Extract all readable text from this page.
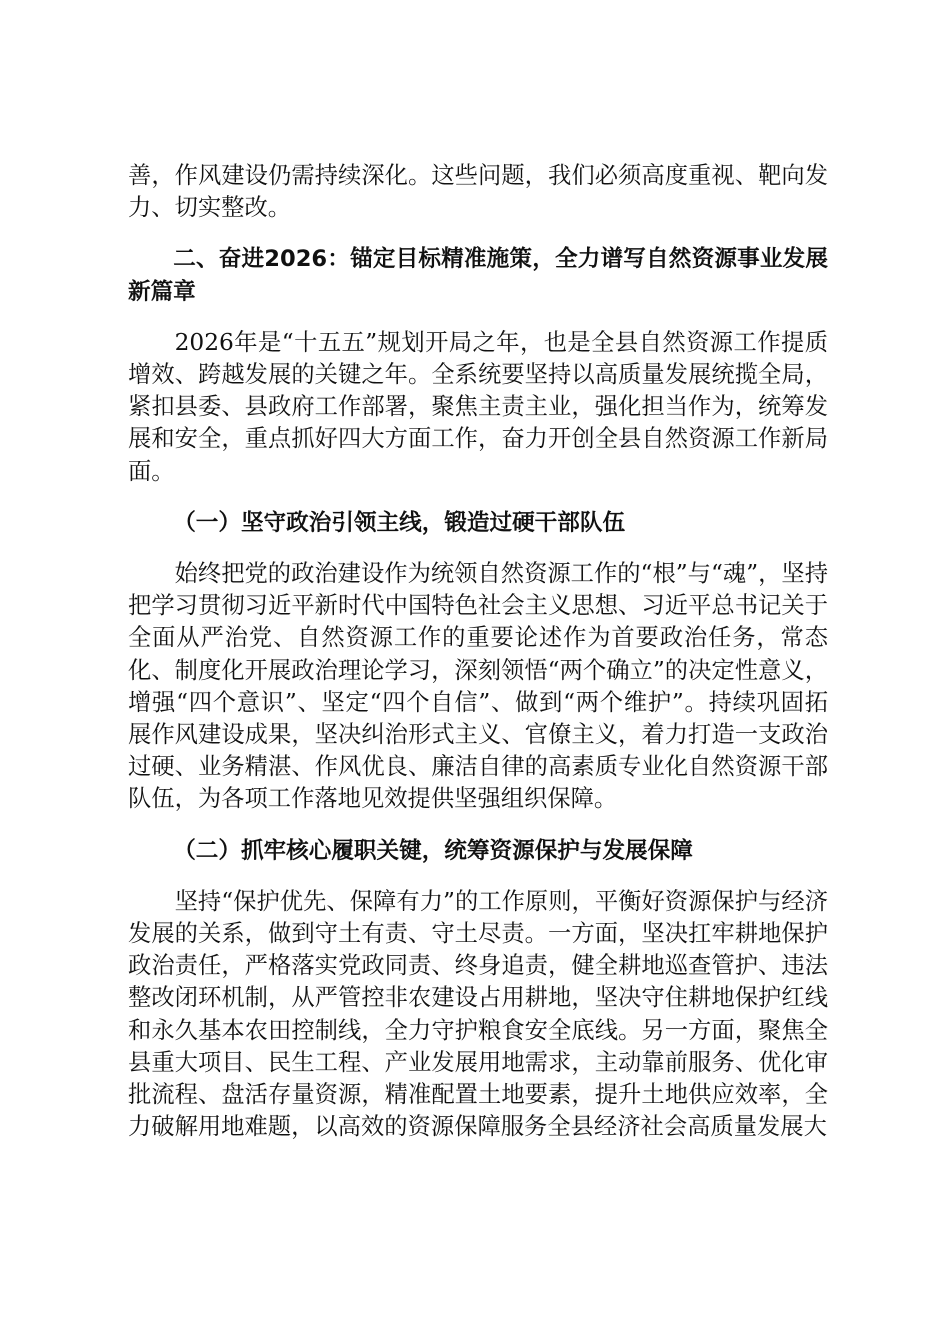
善，作风建设仍需持续深化。这些问题，我们必须高度重视、靶向发力、切实整改。

二、奋进2026：锚定目标精准施策，全力谱写自然资源事业发展新篇章

2026年是“十五五”规划开局之年，也是全县自然资源工作提质增效、跨越发展的关键之年。全系统要坚持以高质量发展统揽全局，紧扣县委、县政府工作部署，聚焦主责主业，强化担当作为，统筹发展和安全，重点抓好四大方面工作，奋力开创全县自然资源工作新局面。

（一）坚守政治引领主线，锻造过硬干部队伍

始终把党的政治建设作为统领自然资源工作的“根”与“魂”，坚持把学习贯彻习近平新时代中国特色社会主义思想、习近平总书记关于全面从严治党、自然资源工作的重要论述作为首要政治任务，常态化、制度化开展政治理论学习，深刻领悟“两个确立”的决定性意义，增强“四个意识”、坚定“四个自信”、做到“两个维护”。持续巩固拓展作风建设成果，坚决纠治形式主义、官僚主义，着力打造一支政治过硬、业务精湛、作风优良、廉洁自律的高素质专业化自然资源干部队伍，为各项工作落地见效提供坚强组织保障。

（二）抓牢核心履职关键，统筹资源保护与发展保障

坚持“保护优先、保障有力”的工作原则，平衡好资源保护与经济发展的关系，做到守土有责、守土尽责。一方面，坚决扛牢耕地保护政治责任，严格落实党政同责、终身追责，健全耕地巡查管护、违法整改闭环机制，从严管控非农建设占用耕地，坚决守住耕地保护红线和永久基本农田控制线，全力守护粮食安全底线。另一方面，聚焦全县重大项目、民生工程、产业发展用地需求，主动靠前服务、优化审批流程、盘活存量资源，精准配置土地要素，提升土地供应效率，全力破解用地难题，以高效的资源保障服务全县经济社会高质量发展大
